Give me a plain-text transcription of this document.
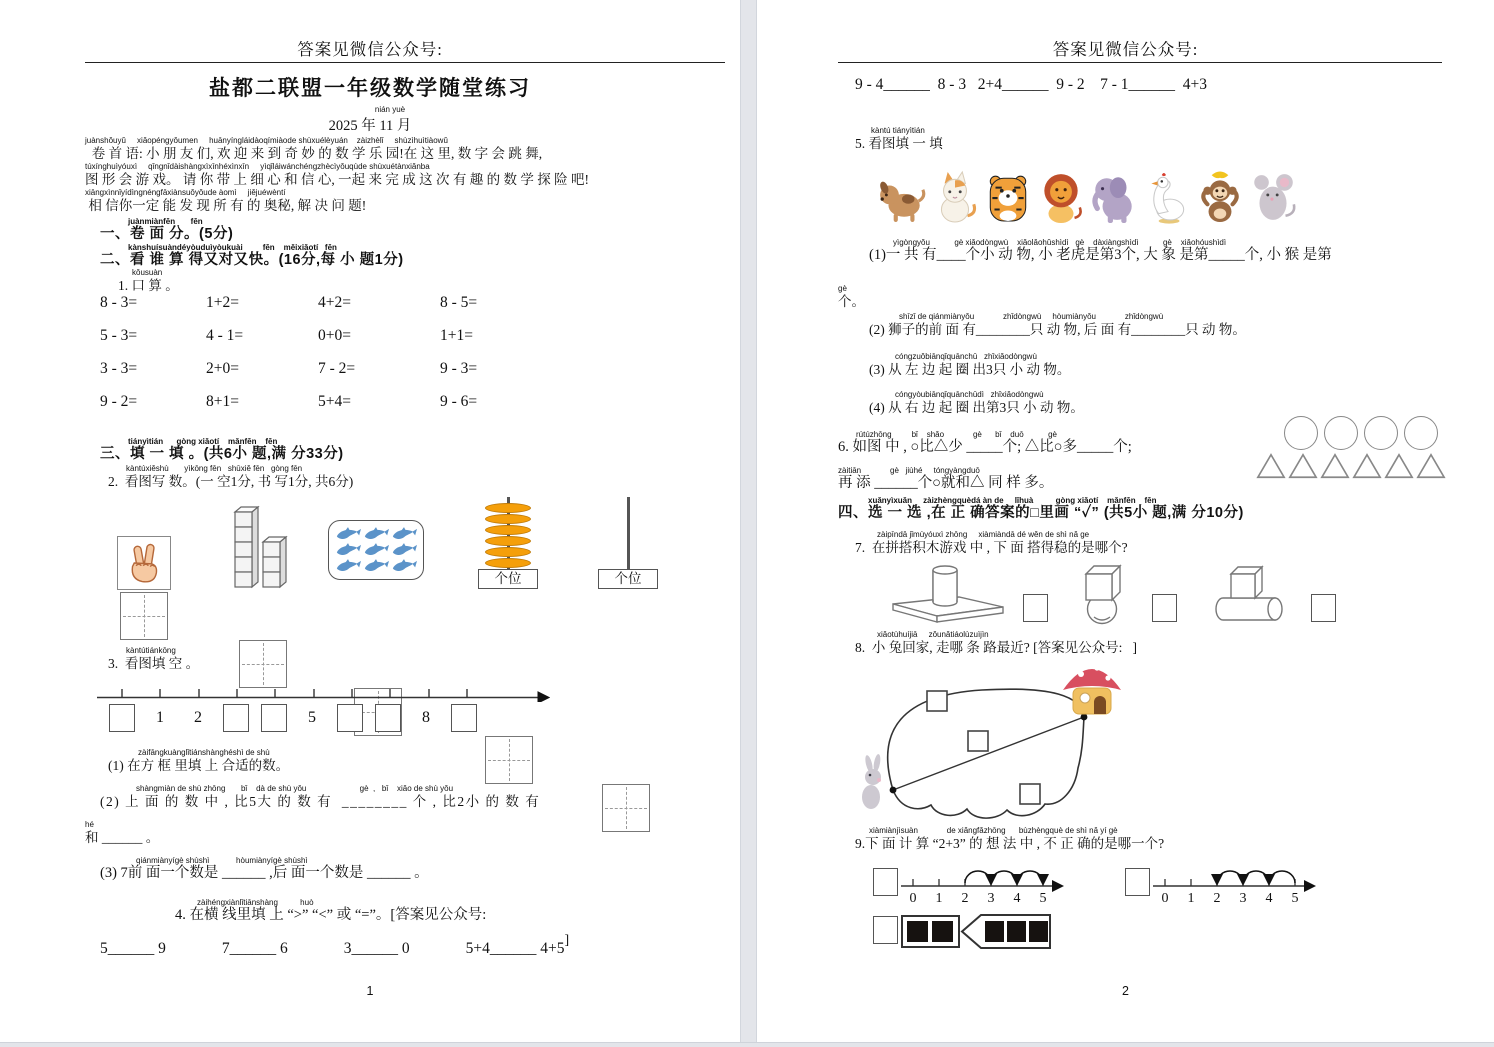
答案见微信公众号:
盐都二联盟一年级数学随堂练习
nián yuè
2025 年 11 月
juànshǒuyǔ     xiǎopéngyǒumen     huānyíngláidàoqímiàode shùxuélèyuán    zàizhèlǐ     shùzìhuìtiàowǔ
卷 首 语: 小 朋 友 们, 欢 迎 来 到 奇 妙 的 数 学 乐 园!在 这 里, 数 字 会 跳 舞,
túxínghuìyóuxì     qǐngnǐdàishàngxìxīnhéxìnxīn     yìqǐláiwánchéngzhècìyǒuqùde shùxuétànxiǎnba
图 形 会 游 戏。 请 你 带 上 细 心 和 信 心, 一起 来 完 成 这 次 有 趣 的 数 学 探 险 吧!
xiāngxìnnǐyídìngnéngfāxiànsuǒyǒude àomì     jiějuéwèntí
相 信你一定 能 发 现 所 有 的 奥秘, 解 决 问 题!
juànmiànfēn       fēn
一、卷 面 分。(5分)
kànshuísuàndéyòuduìyòukuài         fēn    měixiǎotí   fēn
二、看 谁 算 得又对又快。(16分,每 小 题1分)
kǒusuàn
1. 口 算 。
8 - 3=	1+2=	4+2=	8 - 5=
5 - 3=	4 - 1=	0+0=	1+1=
3 - 3=	2+0=	7 - 2=	9 - 3=
9 - 2=	8+1=	5+4=	9 - 6=
tiányìtián      gòng xiǎotí    mǎnfēn    fēn
三、填 一 填 。(共6小 题,满 分33分)
kàntúxiěshù       yìkōng fēn   shūxiě fēn   gòng fēn
2.  看图写 数。(一 空1分, 书 写1分, 共6分)
个位	个位
kàntútiánkōng
3.  看图填 空 。
1	2	5	8
zàifāngkuànglǐtiánshànghéshì de shù
(1) 在方 框 里填 上 合适的数。
shàngmiàn de shù zhōng       bǐ    dà de shù yǒu                        gè  ,   bǐ    xiǎo de shù yǒu
(2) 上 面 的 数 中 , 比5大 的 数 有  ________ 个 , 比2小 的 数 有
hé
和 ______ 。
qiánmiànyígè shùshì            hòumiànyígè shùshì
(3) 7前 面一个数是 ______ ,后 面一个数是 ______ 。
zàihéngxiànlǐtiānshàng          huò
4. 在横 线里填 上 “>” “<” 或 “=”。[答案见公众号:
5______ 9	7______ 6	3______ 0	5+4______ 4+5]
1
答案见微信公众号:
9 - 4______  8 - 3   2+4______  9 - 2    7 - 1______  4+3
kàntú tiányìtián
5. 看图填 一 填
yìgòngyǒu           gè xiǎodòngwù    xiǎolǎohǔshìdì   gè    dàxiàngshìdì           gè    xiǎohóushìdì
(1)一 共 有____个小 动 物, 小 老虎是第3个, 大 象 是第_____个, 小 猴 是第
gè
个。
shīzǐ de qiánmiànyǒu             zhǐdòngwù     hòumiànyǒu             zhǐdòngwù
(2) 狮子的前 面 有________只 动 物, 后 面 有________只 动 物。
cóngzuǒbiānqǐquānchū   zhǐxiǎodòngwù
(3) 从 左 边 起 圈 出3只 小 动 物。
cóngyòubiānqǐquānchūdì   zhǐxiǎodòngwù
(4) 从 右 边 起 圈 出第3只 小 动 物。
rútúzhōng         bǐ    shǎo             gè      bǐ    duō           gè
6. 如图 中 , ○比△少 _____个; △比○多_____个;
zàitiān             gè   jiùhé     tóngyàngduō
再 添 ______个○就和△ 同 样 多。
xuǎnyìxuǎn     zàizhèngquèdá àn de     lǐhuà          gòng xiǎotí    mǎnfēn    fēn
四、选 一 选 ,在 正 确答案的□里画 “✓” (共5小 题,满 分10分)
zàipīndā jǐmùyóuxì zhōng     xiàmiàndā dé wěn de shì nǎ ge
7.  在拼搭积木游戏 中 , 下 面 搭得稳的是哪个?
xiǎotùhuíjiā     zǒunǎtiáolùzuìjìn
8.  小 兔回家, 走哪 条 路最近? [答案见公众号:   ]
xiàmiànjìsuàn             de xiǎngfǎzhōng      bùzhèngquè de shì nǎ yí gè
9.下 面 计 算 “2+3” 的 想 法 中 , 不 正 确的是哪一个?
0 1 2 3 4 5	0 1 2 3 4 5
2
